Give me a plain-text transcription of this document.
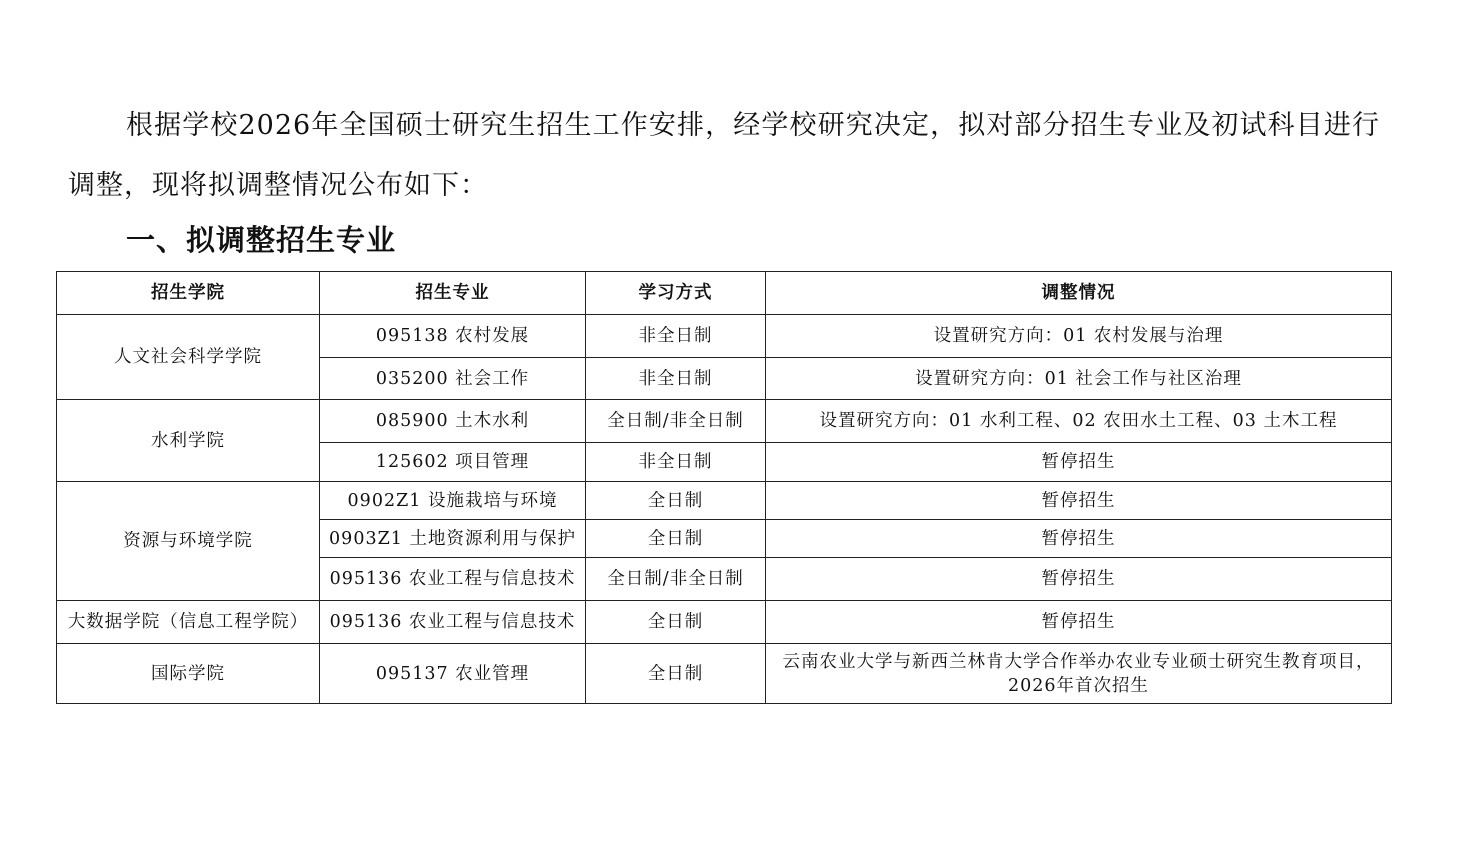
根据学校2026年全国硕士研究生招生工作安排，经学校研究决定，拟对部分招生专业及初试科目进行调整，现将拟调整情况公布如下：

一、拟调整招生专业
招生学院	招生专业	学习方式	调整情况
人文社会科学学院	095138 农村发展	非全日制	设置研究方向：01 农村发展与治理
	035200 社会工作	非全日制	设置研究方向：01 社会工作与社区治理
水利学院	085900 土木水利	全日制/非全日制	设置研究方向：01 水利工程、02 农田水土工程、03 土木工程
	125602 项目管理	非全日制	暂停招生
资源与环境学院	0902Z1 设施栽培与环境	全日制	暂停招生
	0903Z1 土地资源利用与保护	全日制	暂停招生
	095136 农业工程与信息技术	全日制/非全日制	暂停招生
大数据学院（信息工程学院）	095136 农业工程与信息技术	全日制	暂停招生
国际学院	095137 农业管理	全日制	云南农业大学与新西兰林肯大学合作举办农业专业硕士研究生教育项目，2026年首次招生
